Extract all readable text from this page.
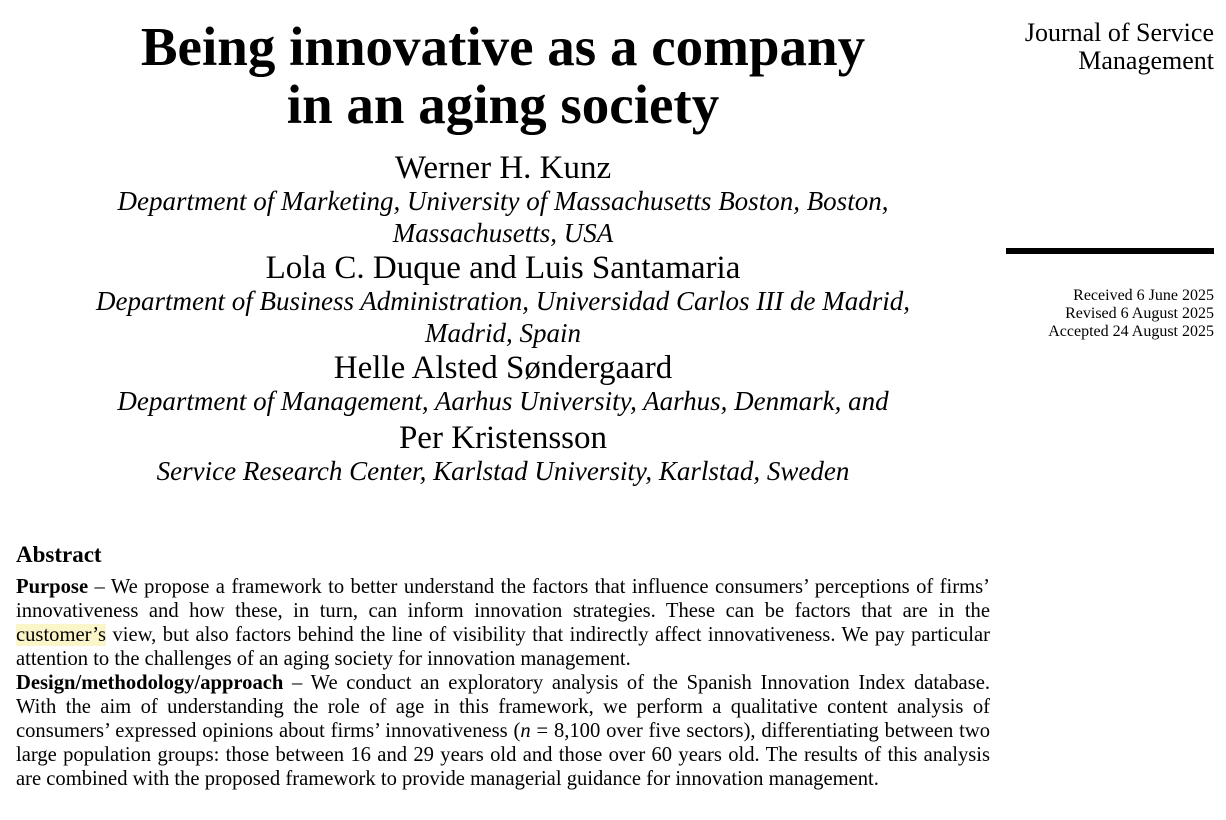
Being innovative as a company
in an aging society
Werner H. Kunz
Department of Marketing, University of Massachusetts Boston, Boston, Massachusetts, USA
Lola C. Duque and Luis Santamaria
Department of Business Administration, Universidad Carlos III de Madrid, Madrid, Spain
Helle Alsted Søndergaard
Department of Management, Aarhus University, Aarhus, Denmark, and
Per Kristensson
Service Research Center, Karlstad University, Karlstad, Sweden
Journal of Service
Management
Received 6 June 2025
Revised 6 August 2025
Accepted 24 August 2025
Abstract

Purpose – We propose a framework to better understand the factors that influence consumers’ perceptions of firms’ innovativeness and how these, in turn, can inform innovation strategies. These can be factors that are in the customer’s view, but also factors behind the line of visibility that indirectly affect innovativeness. We pay particular attention to the challenges of an aging society for innovation management.

Design/methodology/approach – We conduct an exploratory analysis of the Spanish Innovation Index database. With the aim of understanding the role of age in this framework, we perform a qualitative content analysis of consumers’ expressed opinions about firms’ innovativeness (n = 8,100 over five sectors), differentiating between two large population groups: those between 16 and 29 years old and those over 60 years old. The results of this analysis are combined with the proposed framework to provide managerial guidance for innovation management.
